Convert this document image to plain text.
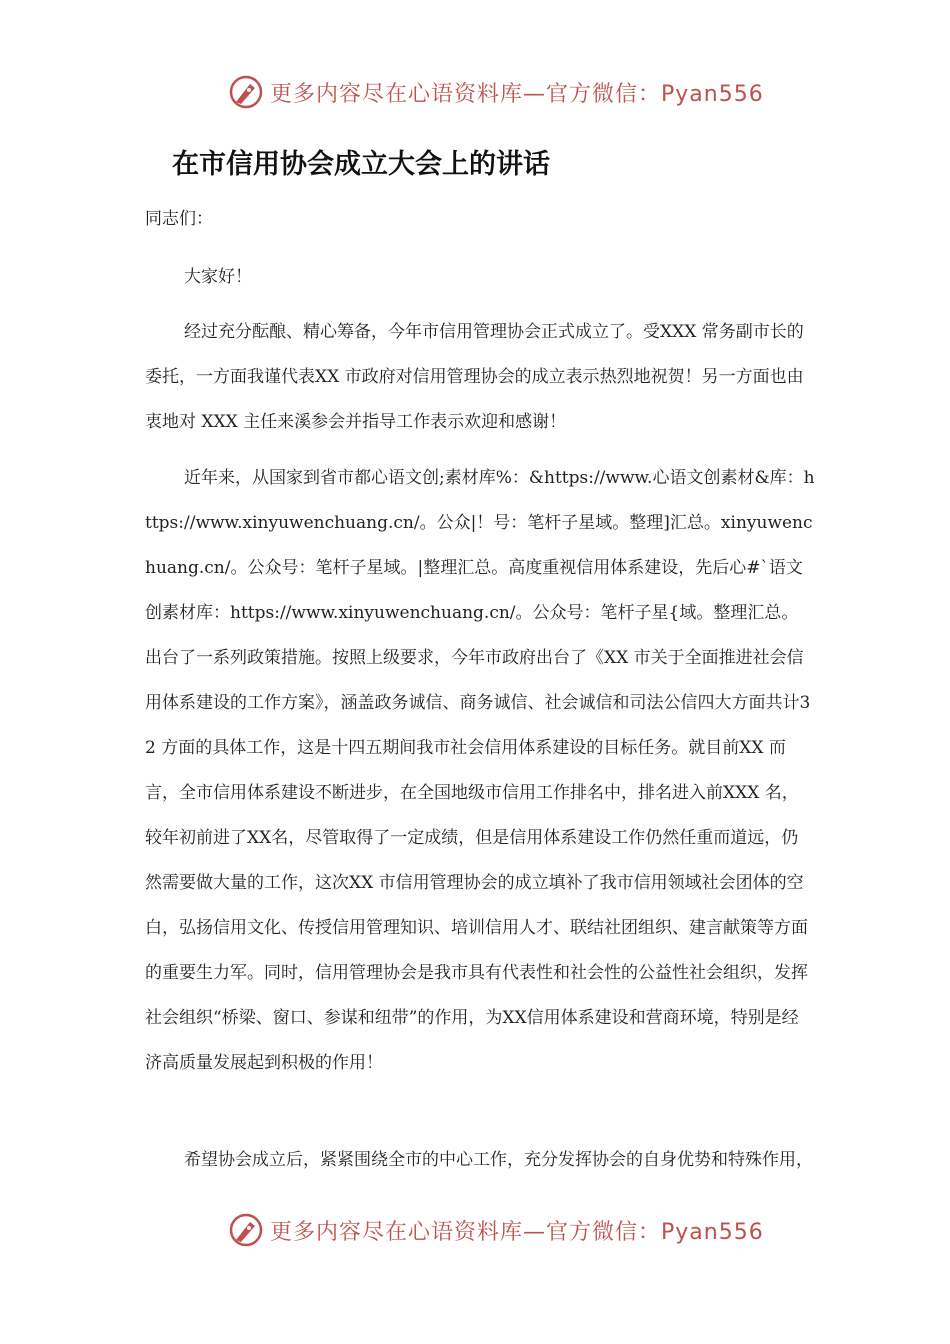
更多内容尽在心语资料库—官方微信：Pyan556
在市信用协会成立大会上的讲话
同志们：
大家好！

经过充分酝酿、精心筹备，今年市信用管理协会正式成立了。受XXX 常务副市长的委托，一方面我谨代表XX 市政府对信用管理协会的成立表示热烈地祝贺！另一方面也由衷地对 XXX 主任来溪参会并指导工作表示欢迎和感谢！

近年来，从国家到省市都心语文创;素材库%：&https://www.心语文创素材&库：https://www.xinyuwenchuang.cn/。公众|！号：笔杆子星域。整理]汇总。xinyuwenchuang.cn/。公众号：笔杆子星域。|整理汇总。高度重视信用体系建设，先后心#`语文创素材库：https://www.xinyuwenchuang.cn/。公众号：笔杆子星{域。整理汇总。出台了一系列政策措施。按照上级要求，今年市政府出台了《XX 市关于全面推进社会信用体系建设的工作方案》，涵盖政务诚信、商务诚信、社会诚信和司法公信四大方面共计32 方面的具体工作，这是十四五期间我市社会信用体系建设的目标任务。就目前XX 而言，全市信用体系建设不断进步，在全国地级市信用工作排名中，排名进入前XXX 名，较年初前进了XX名，尽管取得了一定成绩，但是信用体系建设工作仍然任重而道远，仍然需要做大量的工作，这次XX 市信用管理协会的成立填补了我市信用领域社会团体的空白，弘扬信用文化、传授信用管理知识、培训信用人才、联结社团组织、建言献策等方面的重要生力军。同时，信用管理协会是我市具有代表性和社会性的公益性社会组织，发挥社会组织“桥梁、窗口、参谋和纽带”的作用，为XX信用体系建设和营商环境，特别是经济高质量发展起到积极的作用！

希望协会成立后，紧紧围绕全市的中心工作，充分发挥协会的自身优势和特殊作用，

更多内容尽在心语资料库—官方微信：Pyan556
